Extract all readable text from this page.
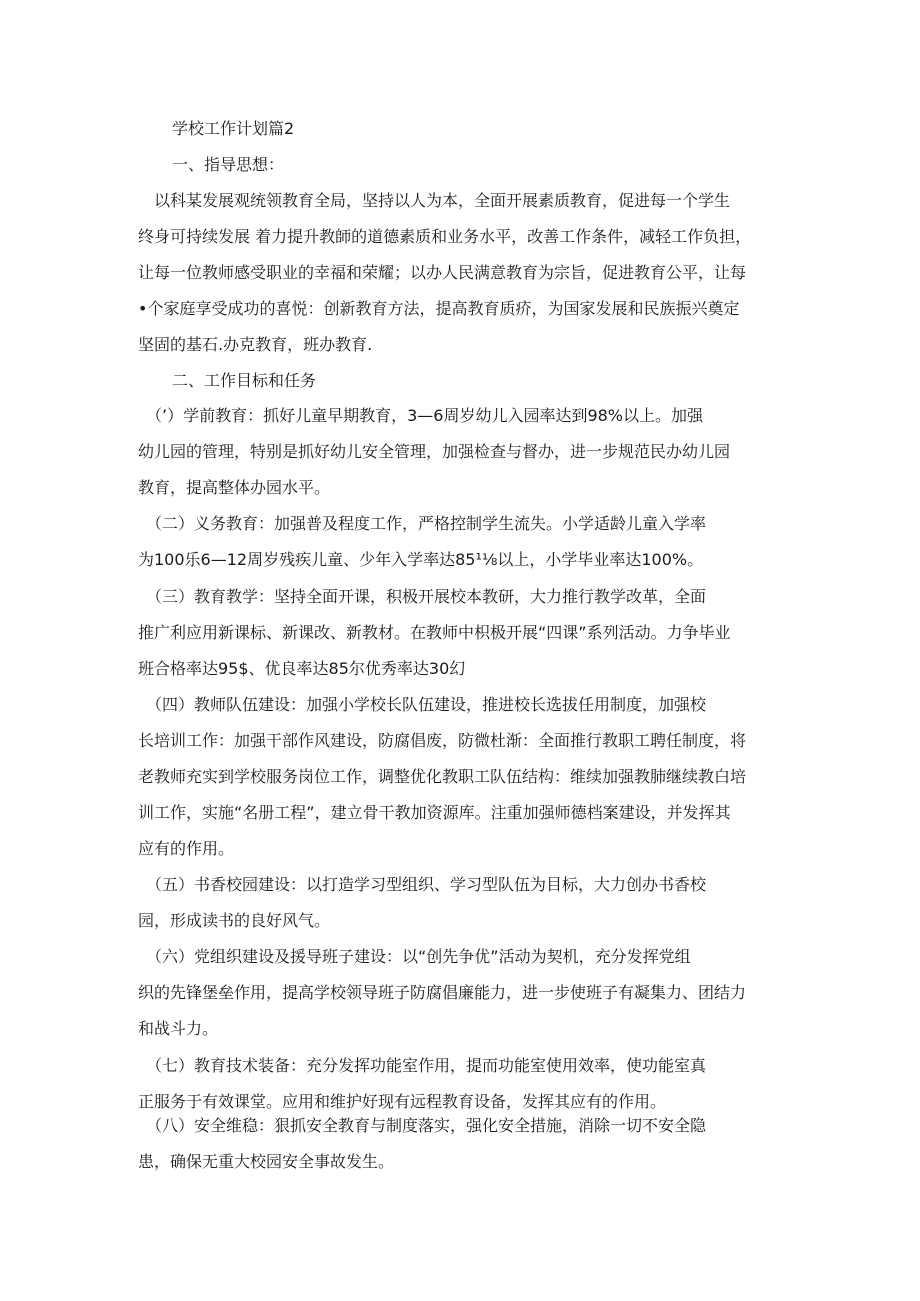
学校工作计划篇2
一、指导思想：

　以科某发展观统领教育全局，坚持以人为本，全面开展素质教育，促进每一个学生
终身可持续发展 着力提升教師的道德素质和业务水平，改善工作条件，减轻工作负担，
让每一位教师感受职业的幸福和荣耀；以办人民满意教育为宗旨，促进教育公平，让每
•个家庭享受成功的喜悦：创新教育方法，提高教育质疥，为国家发展和民族振兴奠定
坚固的基石.办克教育，班办教育.

二、工作目标和任务

　（’）学前教育：抓好儿童早期教育，3—6周岁幼儿入园率达到98%以上。加强
幼儿园的管理，特别是抓好幼儿安全管理，加强检查与督办，进一步规范民办幼儿园
教育，提高整体办园水平。

　（二）义务教育：加强普及程度工作，严格控制学生流失。小学适龄儿童入学率
为100乐6—12周岁残疾儿童、少年入学率达85¹⅛以上，小学毕业率达100%。

　（三）教育教学：坚持全面开课，积极开展校本教研，大力推行教学改革，全面
推广利应用新课标、新课改、新教材。在教师中枳极开展“四课”系列活动。力争毕业
班合格率达95$、优良率达85尔优秀率达30幻

　（四）教师队伍建设：加强小学校长队伍建设，推进校长选拔任用制度，加强校
长培训工作：加强干部作风建设，防腐倡废，防微杜渐：全面推行教职工聘任制度，将
老教师充实到学校服务岗位工作，调整优化教职工队伍结构：维续加强教肺继续教白培
训工作，实施“名册工程”，建立骨干教加资源库。注重加强师德档案建设，并发挥其
应有的作用。

　（五）书香校园建设：以打造学习型组织、学习型队伍为目标，大力创办书香校
园，形成读书的良好风气。

　（六）党组织建设及援导班子建设：以“创先争优”活动为契机，充分发挥党组
织的先锋堡垒作用，提高学校领导班子防腐倡廉能力，进一步使班子有凝集力、团结力
和战斗力。

　（七）教育技术装备：充分发挥功能室作用，提而功能室使用效率，使功能室真
正服务于有效课堂。应用和维护好现有远程教育设备，发挥其应有的作用。

　（八）安全维稳：狠抓安全教育与制度落实，强化安全措施，消除一切不安全隐
患，确保无重大校园安全事故发生。
